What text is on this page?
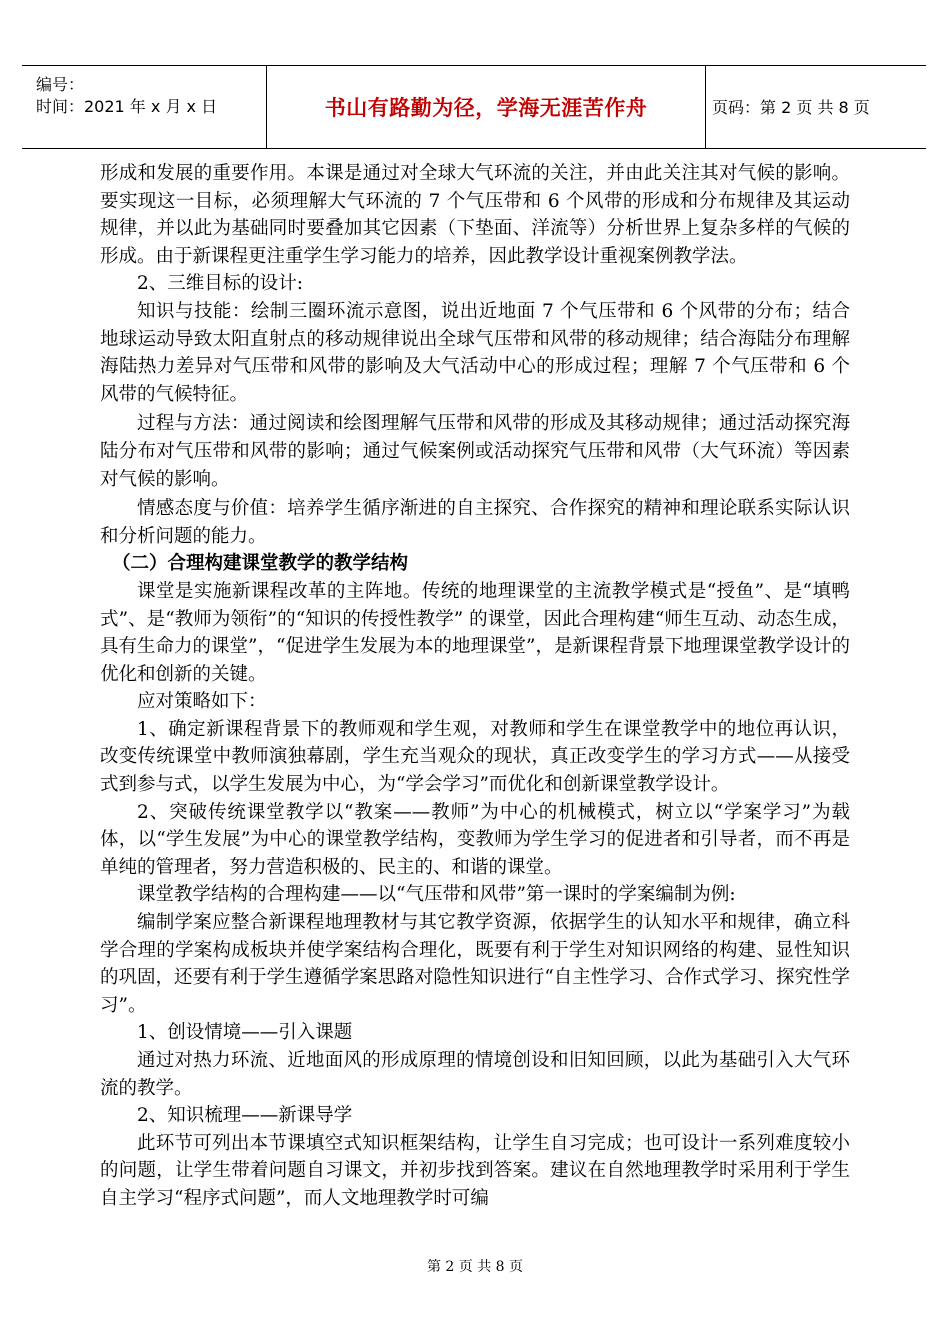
编号：
时间：2021 年 x 月 x 日	书山有路勤为径，学海无涯苦作舟	页码：第 2 页 共 8 页

形成和发展的重要作用。本课是通过对全球大气环流的关注，并由此关注其对气候的影响。要实现这一目标，必须理解大气环流的 7 个气压带和 6 个风带的形成和分布规律及其运动规律，并以此为基础同时要叠加其它因素（下垫面、洋流等）分析世界上复杂多样的气候的形成。由于新课程更注重学生学习能力的培养，因此教学设计重视案例教学法。

2、三维目标的设计:

知识与技能：绘制三圈环流示意图，说出近地面 7 个气压带和 6 个风带的分布；结合地球运动导致太阳直射点的移动规律说出全球气压带和风带的移动规律；结合海陆分布理解海陆热力差异对气压带和风带的影响及大气活动中心的形成过程；理解 7 个气压带和 6 个风带的气候特征。

过程与方法：通过阅读和绘图理解气压带和风带的形成及其移动规律；通过活动探究海陆分布对气压带和风带的影响；通过气候案例或活动探究气压带和风带（大气环流）等因素对气候的影响。

情感态度与价值：培养学生循序渐进的自主探究、合作探究的精神和理论联系实际认识和分析问题的能力。

（二）合理构建课堂教学的教学结构

课堂是实施新课程改革的主阵地。传统的地理课堂的主流教学模式是“授鱼”、是“填鸭式”、是“教师为领衔”的“知识的传授性教学” 的课堂，因此合理构建“师生互动、动态生成，具有生命力的课堂”，“促进学生发展为本的地理课堂”，是新课程背景下地理课堂教学设计的优化和创新的关键。

应对策略如下：

1、确定新课程背景下的教师观和学生观，对教师和学生在课堂教学中的地位再认识，改变传统课堂中教师演独幕剧，学生充当观众的现状，真正改变学生的学习方式——从接受式到参与式，以学生发展为中心，为“学会学习”而优化和创新课堂教学设计。

2、突破传统课堂教学以“教案——教师”为中心的机械模式，树立以“学案学习”为载体，以“学生发展”为中心的课堂教学结构，变教师为学生学习的促进者和引导者，而不再是单纯的管理者，努力营造积极的、民主的、和谐的课堂。

课堂教学结构的合理构建——以“气压带和风带”第一课时的学案编制为例:

编制学案应整合新课程地理教材与其它教学资源，依据学生的认知水平和规律，确立科学合理的学案构成板块并使学案结构合理化，既要有利于学生对知识网络的构建、显性知识的巩固，还要有利于学生遵循学案思路对隐性知识进行“自主性学习、合作式学习、探究性学习”。

1、创设情境——引入课题

通过对热力环流、近地面风的形成原理的情境创设和旧知回顾，以此为基础引入大气环流的教学。

2、知识梳理——新课导学

此环节可列出本节课填空式知识框架结构，让学生自习完成；也可设计一系列难度较小的问题，让学生带着问题自习课文，并初步找到答案。建议在自然地理教学时采用利于学生自主学习“程序式问题”，而人文地理教学时可编

第 2 页 共 8 页
